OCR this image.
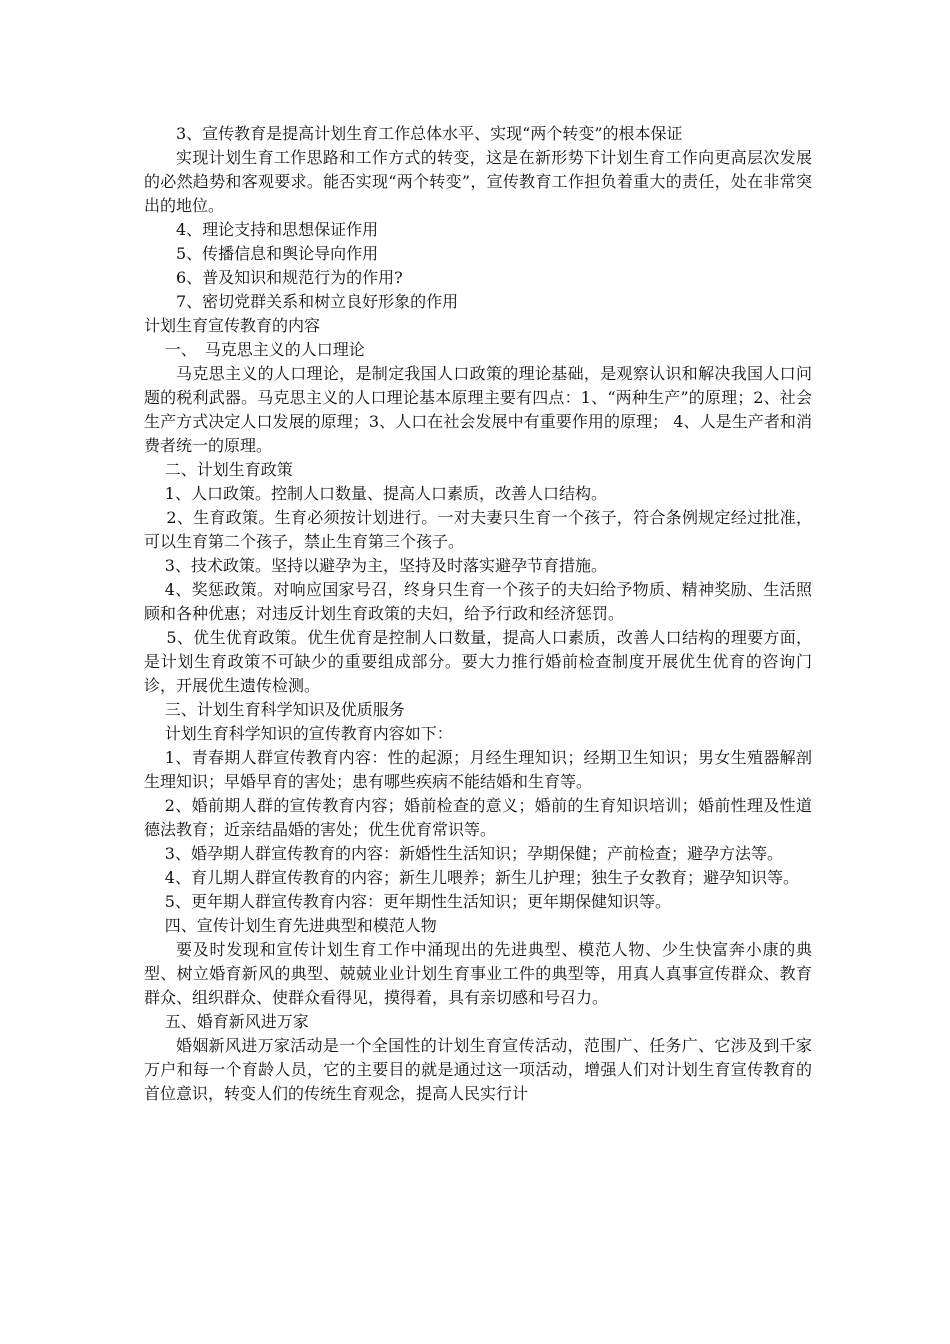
3、宣传教育是提高计划生育工作总体水平、实现“两个转变”的根本保证

实现计划生育工作思路和工作方式的转变，这是在新形势下计划生育工作向更高层次发展的必然趋势和客观要求。能否实现“两个转变”，宣传教育工作担负着重大的责任，处在非常突出的地位。

4、理论支持和思想保证作用

5、传播信息和舆论导向作用

6、普及知识和规范行为的作用?

7、密切党群关系和树立良好形象的作用

计划生育宣传教育的内容

一、　马克思主义的人口理论

马克思主义的人口理论，是制定我国人口政策的理论基础，是观察认识和解决我国人口问题的税利武器。马克思主义的人口理论基本原理主要有四点：1、“两种生产”的原理；2、社会生产方式决定人口发展的原理；3、人口在社会发展中有重要作用的原理； 4、人是生产者和消费者统一的原理。

二、计划生育政策

1、人口政策。控制人口数量、提高人口素质，改善人口结构。

2、生育政策。生育必须按计划进行。一对夫妻只生育一个孩子，符合条例规定经过批准，可以生育第二个孩子，禁止生育第三个孩子。

3、技术政策。坚持以避孕为主，坚持及时落实避孕节育措施。

4、奖惩政策。对响应国家号召，终身只生育一个孩子的夫妇给予物质、精神奖励、生活照顾和各种优惠；对违反计划生育政策的夫妇，给予行政和经济惩罚。

5、优生优育政策。优生优育是控制人口数量，提高人口素质，改善人口结构的理要方面，是计划生育政策不可缺少的重要组成部分。要大力推行婚前检查制度开展优生优育的咨询门诊，开展优生遗传检测。

三、计划生育科学知识及优质服务

计划生育科学知识的宣传教育内容如下：

1、青春期人群宣传教育内容：性的起源；月经生理知识；经期卫生知识；男女生殖器解剖生理知识；早婚早育的害处；患有哪些疾病不能结婚和生育等。

2、婚前期人群的宣传教育内容；婚前检查的意义；婚前的生育知识培训；婚前性理及性道德法教育；近亲结晶婚的害处；优生优育常识等。

3、婚孕期人群宣传教育的内容：新婚性生活知识；孕期保健；产前检查；避孕方法等。

4、育儿期人群宣传教育的内容；新生儿喂养；新生儿护理；独生子女教育；避孕知识等。

5、更年期人群宣传教育内容：更年期性生活知识；更年期保健知识等。

四、宣传计划生育先进典型和模范人物

要及时发现和宣传计划生育工作中涌现出的先进典型、模范人物、少生快富奔小康的典型、树立婚育新风的典型、兢兢业业计划生育事业工件的典型等，用真人真事宣传群众、教育群众、组织群众、使群众看得见，摸得着，具有亲切感和号召力。

五、婚育新风进万家

婚姻新风进万家活动是一个全国性的计划生育宣传活动，范围广、任务广、它涉及到千家万户和每一个育龄人员，它的主要目的就是通过这一项活动，增强人们对计划生育宣传教育的首位意识，转变人们的传统生育观念，提高人民实行计
